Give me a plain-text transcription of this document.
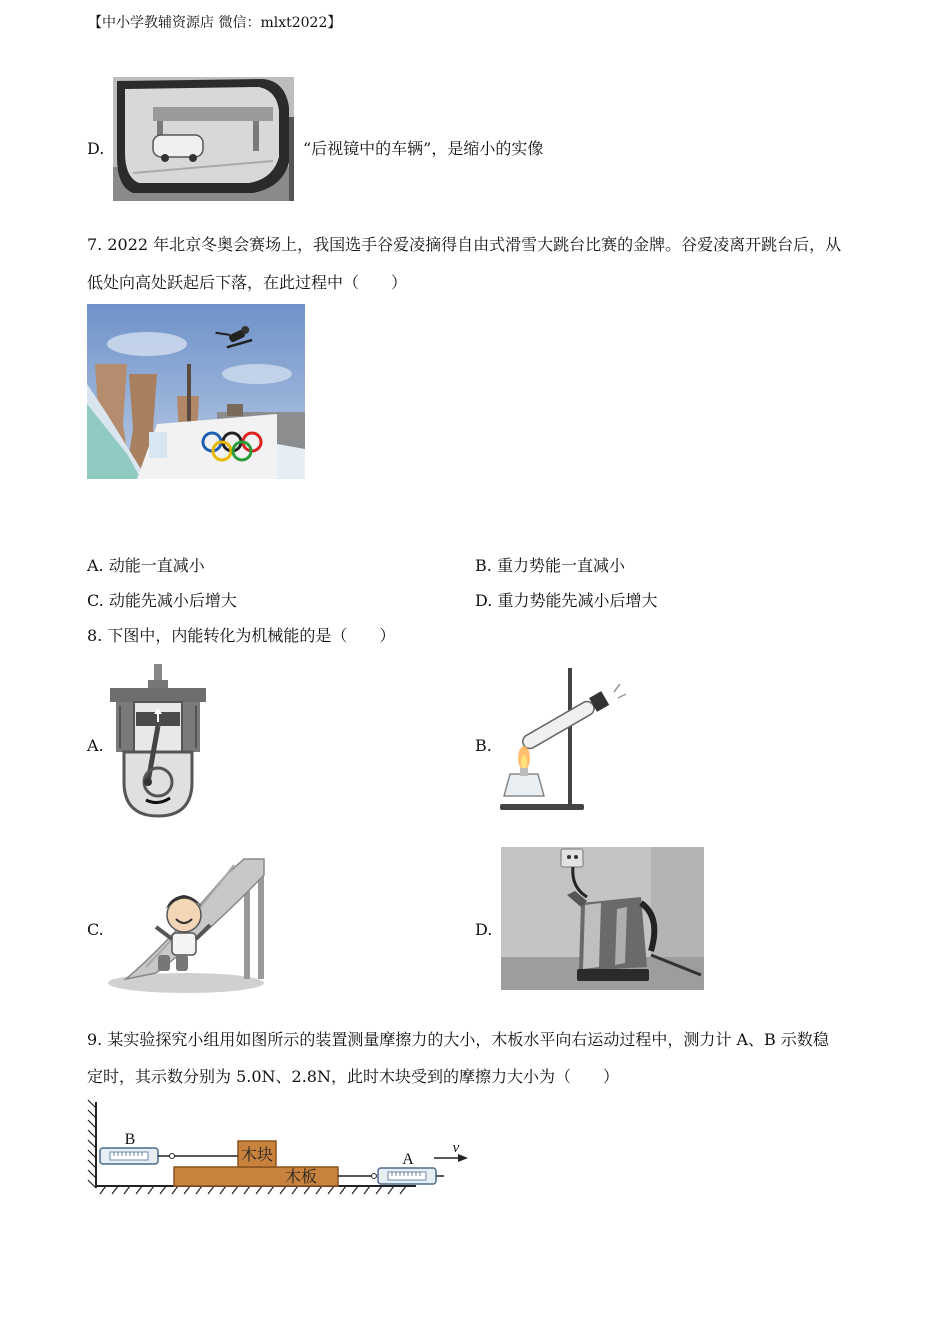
【中小学教辅资源店 微信：mlxt2022】
D.	“后视镜中的车辆”，是缩小的实像
7. 2022 年北京冬奥会赛场上，我国选手谷爱凌摘得自由式滑雪大跳台比赛的金牌。谷爱凌离开跳台后，从
低处向高处跃起后下落，在此过程中（　　）
A. 动能一直减小	B. 重力势能一直减小
C. 动能先减小后增大	D. 重力势能先减小后增大
8. 下图中，内能转化为机械能的是（　　）
A.	B.
C.	D.
9. 某实验探究小组用如图所示的装置测量摩擦力的大小，木板水平向右运动过程中，测力计 A、B 示数稳
定时，其示数分别为 5.0N、2.8N，此时木块受到的摩擦力大小为（　　）
B
A
v
木块
木板
